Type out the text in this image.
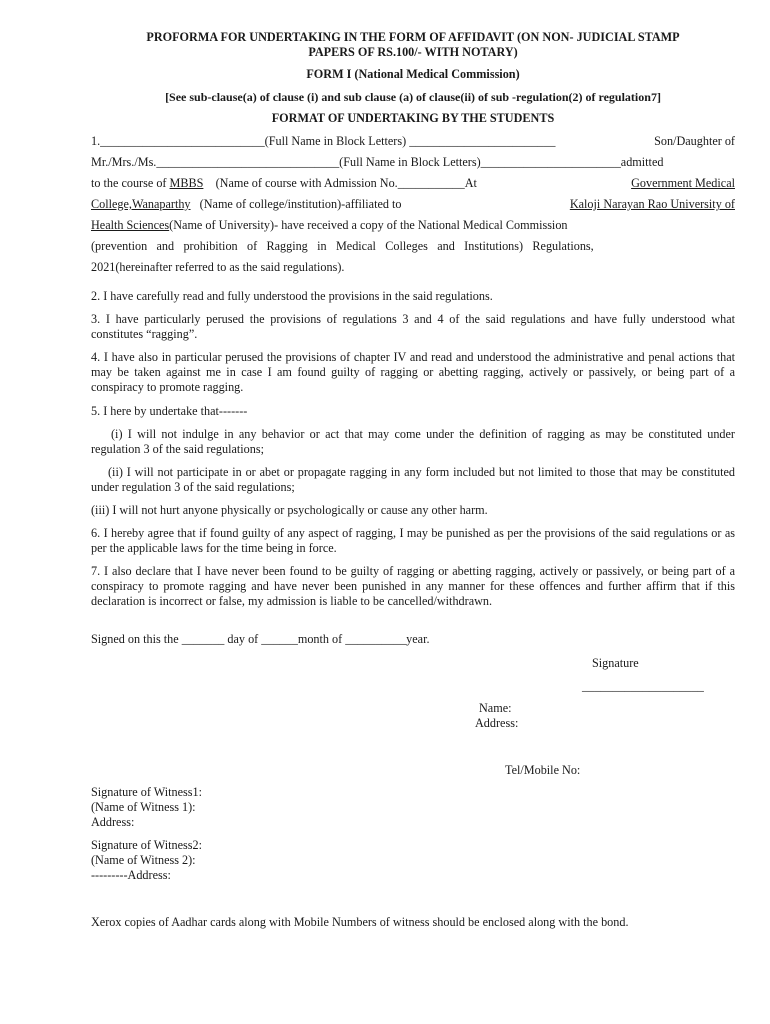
PROFORMA FOR UNDERTAKING IN THE FORM OF AFFIDAVIT (ON NON- JUDICIAL STAMP
PAPERS OF RS.100/- WITH NOTARY)
FORM I (National Medical Commission)
[See sub-clause(a) of clause (i) and sub clause (a) of clause(ii) of sub -regulation(2) of regulation7]
FORMAT OF UNDERTAKING BY THE STUDENTS
1.___________________________(Full Name in Block Letters) ________________________	Son/Daughter of
Mr./Mrs./Ms.______________________________(Full Name in Block Letters)_______________________admitted
to the course of MBBS (Name of course with Admission No.___________At	Government Medical
College,Wanaparthy (Name of college/institution)-affiliated to	Kaloji Narayan Rao University of
Health Sciences(Name of University)- have received a copy of the National Medical Commission
(prevention and prohibition of Ragging in Medical Colleges and Institutions) Regulations,
2021(hereinafter referred to as the said regulations).
2. I have carefully read and fully understood the provisions in the said regulations.
3. I have particularly perused the provisions of regulations 3 and 4 of the said regulations and have fully understood what constitutes “ragging”.
4. I have also in particular perused the provisions of chapter IV and read and understood the administrative and penal actions that may be taken against me in case I am found guilty of ragging or abetting ragging, actively or passively, or being part of a conspiracy to promote ragging.
5. I here by undertake that-------
(i) I will not indulge in any behavior or act that may come under the definition of ragging as may be constituted under regulation 3 of the said regulations;
(ii) I will not participate in or abet or propagate ragging in any form included but not limited to those that may be constituted under regulation 3 of the said regulations;
(iii) I will not hurt anyone physically or psychologically or cause any other harm.
6. I hereby agree that if found guilty of any aspect of ragging, I may be punished as per the provisions of the said regulations or as per the applicable laws for the time being in force.
7. I also declare that I have never been found to be guilty of ragging or abetting ragging, actively or passively, or being part of a conspiracy to promote ragging and have never been punished in any manner for these offences and further affirm that if this declaration is incorrect or false, my admission is liable to be cancelled/withdrawn.
Signed on this the _______ day of ______month of __________year.
Signature
____________________
Name:
Address:
Tel/Mobile No:
Signature of Witness1:
(Name of Witness 1):
Address:
Signature of Witness2:
(Name of Witness 2):
---------Address:
Xerox copies of Aadhar cards along with Mobile Numbers of witness should be enclosed along with the bond.
